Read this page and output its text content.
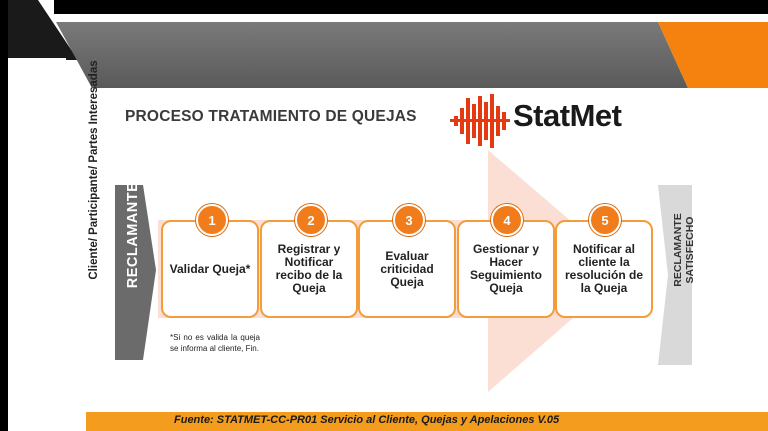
PROCESO TRATAMIENTO DE QUEJAS	StatMet
Cliente/ Participante/ Partes Interesadas RECLAMANTE	Validar Queja*
1
Registrar y Notificar recibo de la Queja
2
Evaluar criticidad Queja
3
Gestionar y Hacer Seguimiento Queja
4
Notificar al cliente la resolución de la Queja
5
*Si no es valida la queja se informa al cliente, Fin.
RECLAMANTE SATISFECHO
Fuente: STATMET-CC-PR01 Servicio al Cliente, Quejas y Apelaciones V.05
